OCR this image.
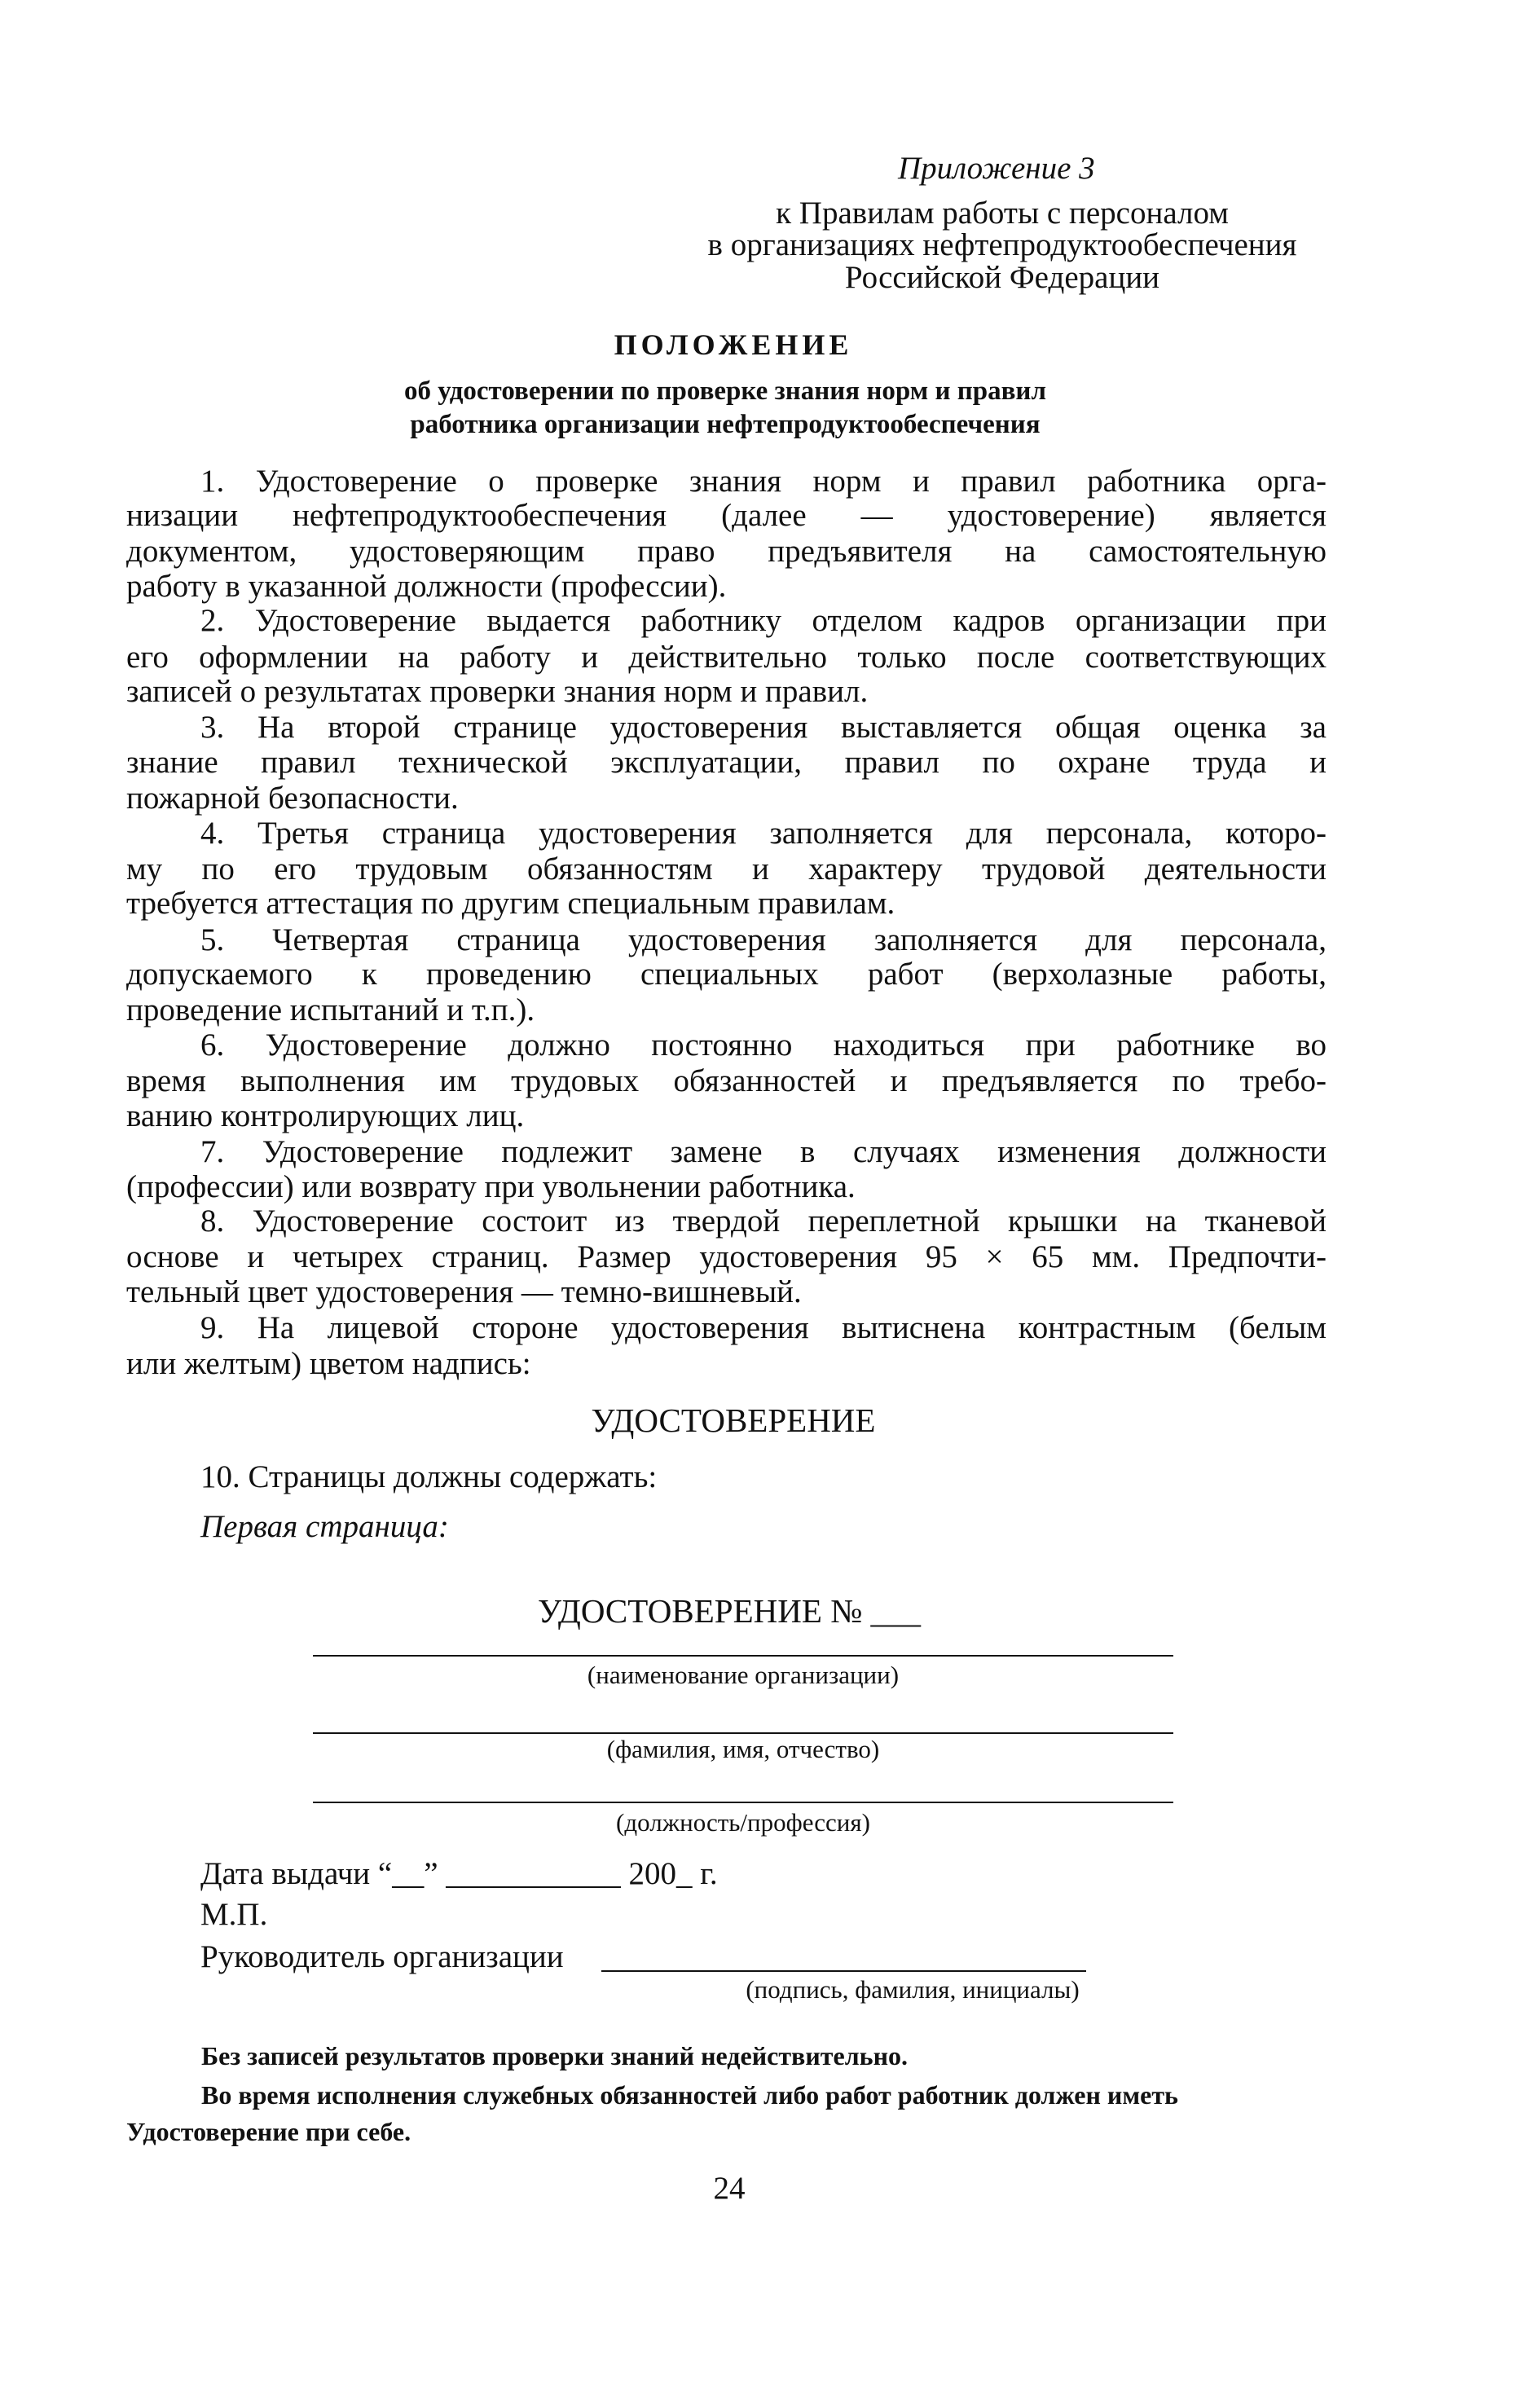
Приложение 3
к Правилам работы с персоналом
в организациях нефтепродуктообеспечения
Российской Федерации
ПОЛОЖЕНИЕ
об удостоверении по проверке знания норм и правил
работника организации нефтепродуктообеспечения
1. Удостоверение о проверке знания норм и правил работника орга-
низации нефтепродуктообеспечения (далее — удостоверение) является
документом, удостоверяющим право предъявителя на самостоятельную
работу в указанной должности (профессии).
2. Удостоверение выдается работнику отделом кадров организации при
его оформлении на работу и действительно только после соответствующих
записей о результатах проверки знания норм и правил.
3. На второй странице удостоверения выставляется общая оценка за
знание правил технической эксплуатации, правил по охране труда и
пожарной безопасности.
4. Третья страница удостоверения заполняется для персонала, которо-
му по его трудовым обязанностям и характеру трудовой деятельности
требуется аттестация по другим специальным правилам.
5. Четвертая страница удостоверения заполняется для персонала,
допускаемого к проведению специальных работ (верхолазные работы,
проведение испытаний и т.п.).
6. Удостоверение должно постоянно находиться при работнике во
время выполнения им трудовых обязанностей и предъявляется по требо-
ванию контролирующих лиц.
7. Удостоверение подлежит замене в случаях изменения должности
(профессии) или возврату при увольнении работника.
8. Удостоверение состоит из твердой переплетной крышки на тканевой
основе и четырех страниц. Размер удостоверения 95 × 65 мм. Предпочти-
тельный цвет удостоверения — темно-вишневый.
9. На лицевой стороне удостоверения вытиснена контрастным (белым
или желтым) цветом надпись:
УДОСТОВЕРЕНИЕ
10. Страницы должны содержать:
Первая страница:
УДОСТОВЕРЕНИЕ № ___
(наименование организации)
(фамилия, имя, отчество)
(должность/профессия)
Дата выдачи “__” ___________ 200_ г.
М.П.
Руководитель организации
(подпись, фамилия, инициалы)
Без записей результатов проверки знаний недействительно.
Во время исполнения служебных обязанностей либо работ работник должен иметь
Удостоверение при себе.
24
